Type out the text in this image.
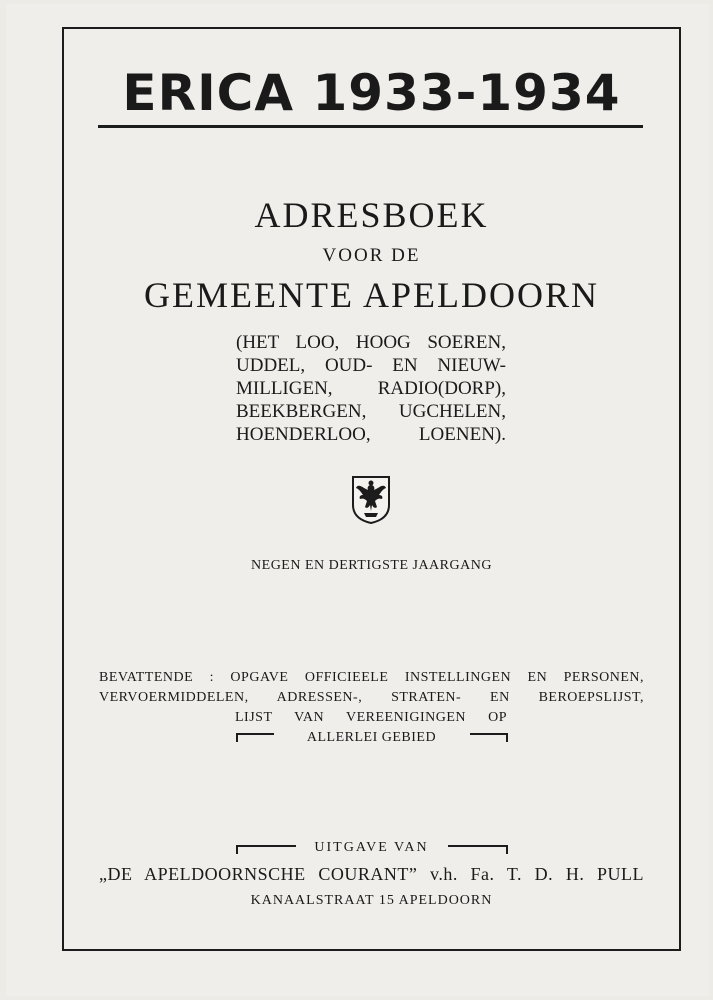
ERICA 1933-1934
ADRESBOEK
VOOR DE
GEMEENTE APELDOORN
(HET LOO, HOOG SOEREN,
UDDEL, OUD- EN NIEUW-
MILLIGEN, RADIO(DORP),
BEEKBERGEN, UGCHELEN,
HOENDERLOO, LOENEN).
NEGEN EN DERTIGSTE JAARGANG
BEVATTENDE : OPGAVE OFFICIEELE INSTELLINGEN EN PERSONEN,
VERVOERMIDDELEN, ADRESSEN-, STRATEN- EN BEROEPSLIJST,
LIJST VAN VEREENIGINGEN OP
ALLERLEI GEBIED
UITGAVE VAN
„DE APELDOORNSCHE COURANT” v.h. Fa. T. D. H. PULL
KANAALSTRAAT 15 APELDOORN
